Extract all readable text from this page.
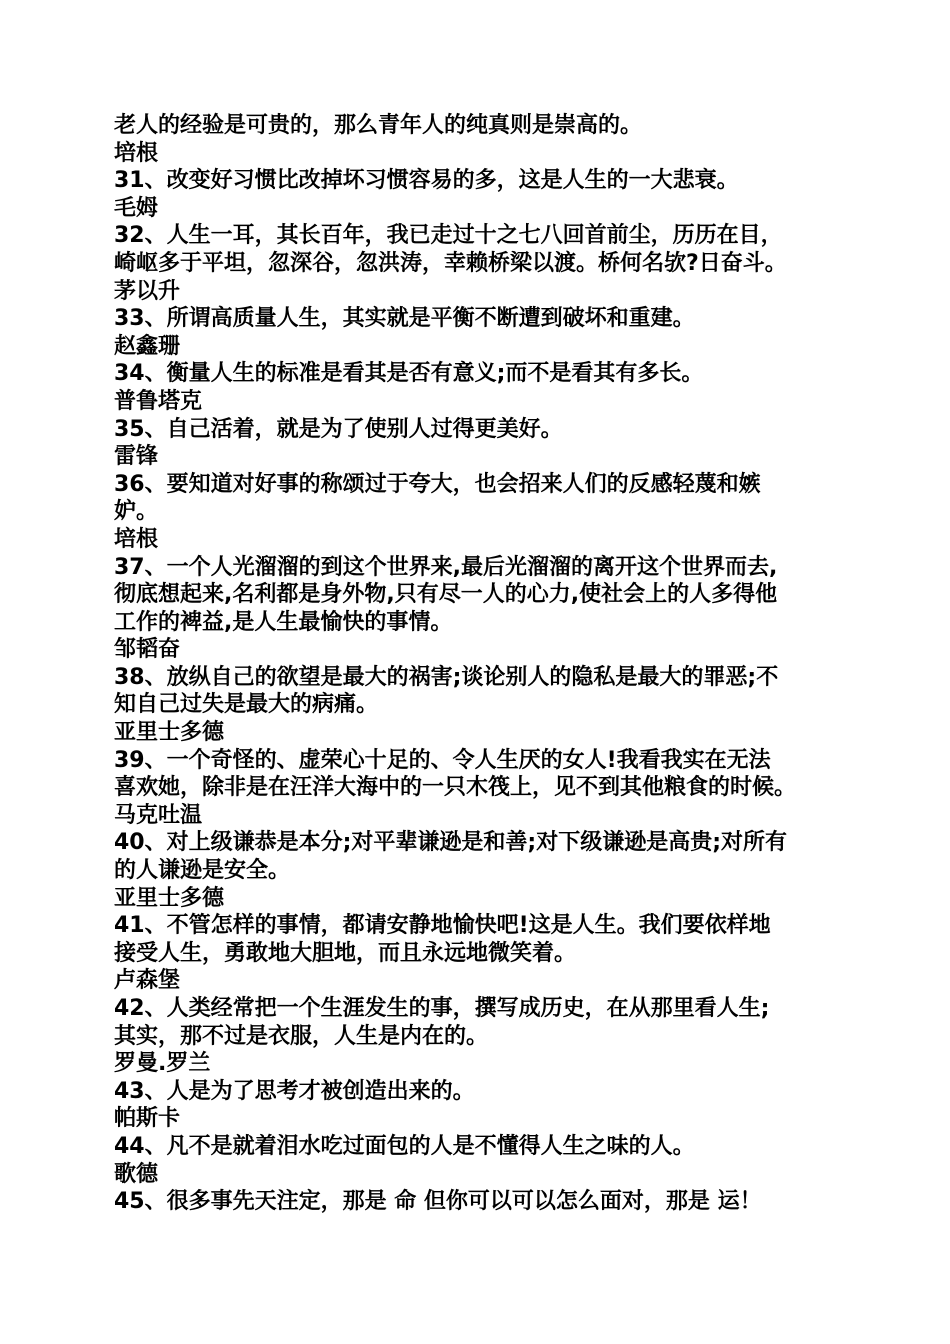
老人的经验是可贵的，那么青年人的纯真则是崇高的。
培根
31、改变好习惯比改掉坏习惯容易的多，这是人生的一大悲衰。
毛姆
32、人生一耳，其长百年，我已走过十之七八回首前尘，历历在目，
崎岖多于平坦，忽深谷，忽洪涛，幸赖桥梁以渡。桥何名欤?日奋斗。
茅以升
33、所谓高质量人生，其实就是平衡不断遭到破坏和重建。
赵鑫珊
34、衡量人生的标准是看其是否有意义;而不是看其有多长。
普鲁塔克
35、自己活着，就是为了使别人过得更美好。
雷锋
36、要知道对好事的称颂过于夸大，也会招来人们的反感轻蔑和嫉
妒。
培根
37、一个人光溜溜的到这个世界来,最后光溜溜的离开这个世界而去,
彻底想起来,名利都是身外物,只有尽一人的心力,使社会上的人多得他
工作的裨益,是人生最愉快的事情。
邹韬奋
38、放纵自己的欲望是最大的祸害;谈论别人的隐私是最大的罪恶;不
知自己过失是最大的病痛。
亚里士多德
39、一个奇怪的、虚荣心十足的、令人生厌的女人!我看我实在无法
喜欢她，除非是在汪洋大海中的一只木筏上，见不到其他粮食的时候。
马克吐温
40、对上级谦恭是本分;对平辈谦逊是和善;对下级谦逊是高贵;对所有
的人谦逊是安全。
亚里士多德
41、不管怎样的事情，都请安静地愉快吧!这是人生。我们要依样地
接受人生，勇敢地大胆地，而且永远地微笑着。
卢森堡
42、人类经常把一个生涯发生的事，撰写成历史，在从那里看人生;
其实，那不过是衣服，人生是内在的。
罗曼.罗兰
43、人是为了思考才被创造出来的。
帕斯卡
44、凡不是就着泪水吃过面包的人是不懂得人生之味的人。
歌德
45、很多事先天注定，那是 命 但你可以可以怎么面对，那是 运！
